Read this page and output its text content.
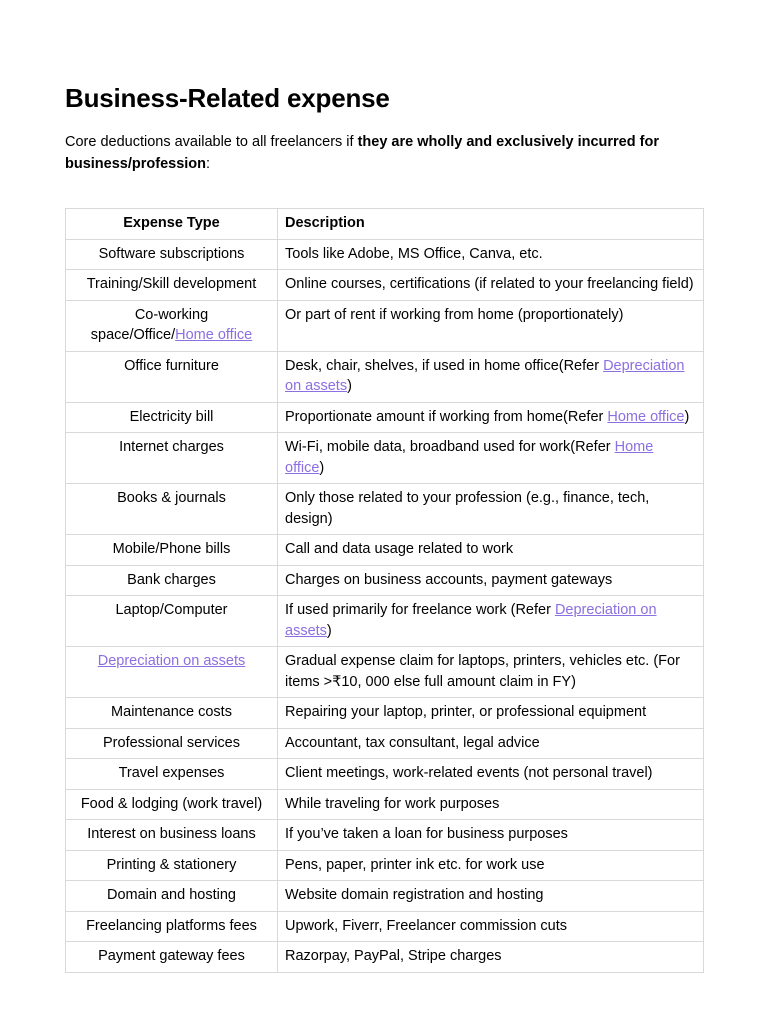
Business-Related expense

Core deductions available to all freelancers if they are wholly and exclusively incurred for business/profession:

Expense Type	Description
Software subscriptions	Tools like Adobe, MS Office, Canva, etc.
Training/Skill development	Online courses, certifications (if related to your freelancing field)
Co-working space/Office/Home office	Or part of rent if working from home (proportionately)
Office furniture	Desk, chair, shelves, if used in home office(Refer Depreciation on assets)
Electricity bill	Proportionate amount if working from home(Refer Home office)
Internet charges	Wi-Fi, mobile data, broadband used for work(Refer Home office)
Books & journals	Only those related to your profession (e.g., finance, tech, design)
Mobile/Phone bills	Call and data usage related to work
Bank charges	Charges on business accounts, payment gateways
Laptop/Computer	If used primarily for freelance work (Refer Depreciation on assets)
Depreciation on assets	Gradual expense claim for laptops, printers, vehicles etc. (For items >₹10, 000 else full amount claim in FY)
Maintenance costs	Repairing your laptop, printer, or professional equipment
Professional services	Accountant, tax consultant, legal advice
Travel expenses	Client meetings, work-related events (not personal travel)
Food & lodging (work travel)	While traveling for work purposes
Interest on business loans	If you’ve taken a loan for business purposes
Printing & stationery	Pens, paper, printer ink etc. for work use
Domain and hosting	Website domain registration and hosting
Freelancing platforms fees	Upwork, Fiverr, Freelancer commission cuts
Payment gateway fees	Razorpay, PayPal, Stripe charges
